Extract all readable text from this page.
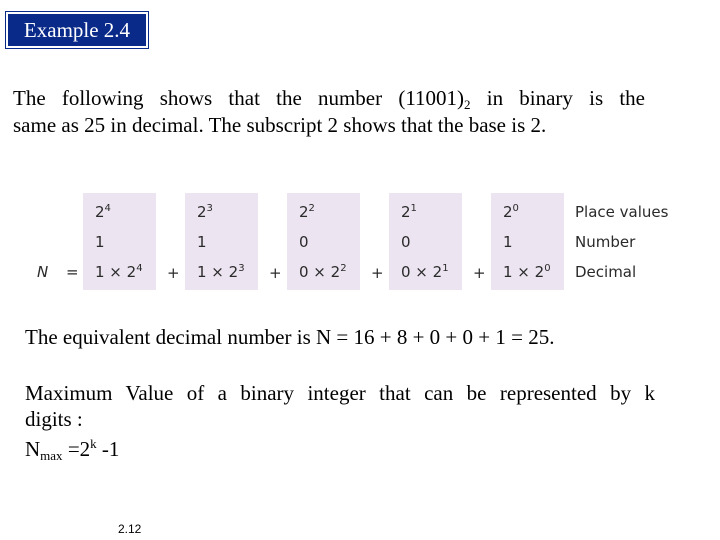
Example 2.4
The following shows that the number $(11001)_2$ in binary is the
same as 25 in decimal. The subscript 2 shows that the base is 2.
N =
$2^4$
1
$1 \times 2^4$ +
$2^3$
1
$1 \times 2^3$ +
$2^2$
0
$0 \times 2^2$ +
$2^1$
0
$0 \times 2^1$ +
$2^0$
1
$1 \times 2^0$
Place values
Number
Decimal
The equivalent decimal number is N = 16 + 8 + 0 + 0 + 1 = 25.
Maximum Value of a binary integer that can be represented by k
digits :
$N_{max} =2^k$ -1
2.12
